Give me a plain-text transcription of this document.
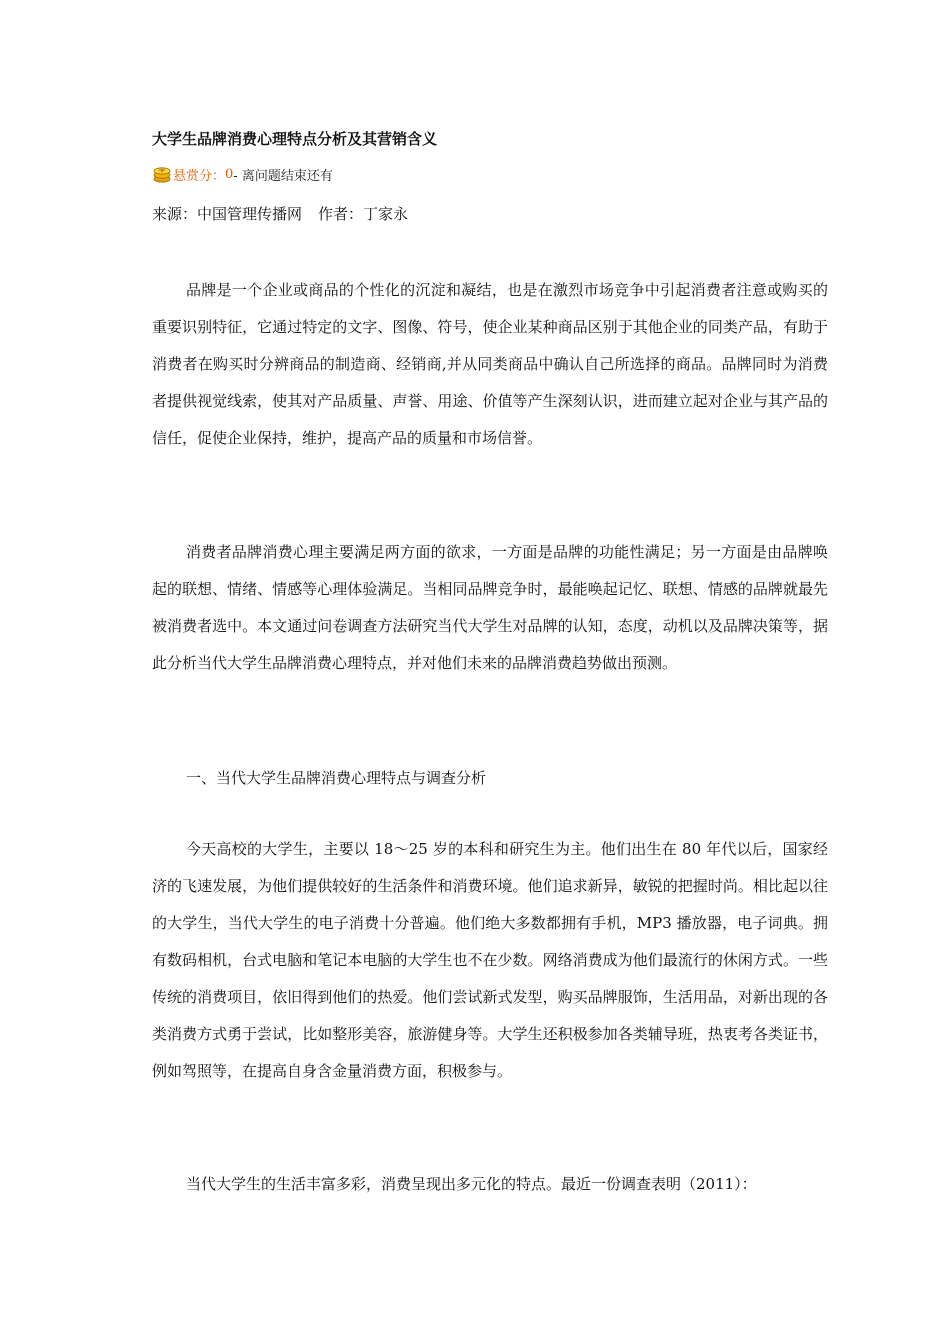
大学生品牌消费心理特点分析及其营销含义
悬赏分： 0 - 离问题结束还有
来源：中国管理传播网 作者：丁家永

品牌是一个企业或商品的个性化的沉淀和凝结，也是在激烈市场竞争中引起消费者注意或购买的重要识别特征，它通过特定的文字、图像、符号，使企业某种商品区别于其他企业的同类产品，有助于消费者在购买时分辨商品的制造商、经销商,并从同类商品中确认自己所选择的商品。品牌同时为消费者提供视觉线索，使其对产品质量、声誉、用途、价值等产生深刻认识，进而建立起对企业与其产品的信任，促使企业保持，维护，提高产品的质量和市场信誉。

消费者品牌消费心理主要满足两方面的欲求，一方面是品牌的功能性满足；另一方面是由品牌唤起的联想、情绪、情感等心理体验满足。当相同品牌竞争时，最能唤起记忆、联想、情感的品牌就最先被消费者选中。本文通过问卷调查方法研究当代大学生对品牌的认知，态度，动机以及品牌决策等，据此分析当代大学生品牌消费心理特点，并对他们未来的品牌消费趋势做出预测。

一、当代大学生品牌消费心理特点与调查分析

今天高校的大学生，主要以 18～25 岁的本科和研究生为主。他们出生在 80 年代以后，国家经济的飞速发展，为他们提供较好的生活条件和消费环境。他们追求新异，敏锐的把握时尚。相比起以往的大学生，当代大学生的电子消费十分普遍。他们绝大多数都拥有手机，MP3 播放器，电子词典。拥有数码相机，台式电脑和笔记本电脑的大学生也不在少数。网络消费成为他们最流行的休闲方式。一些传统的消费项目，依旧得到他们的热爱。他们尝试新式发型，购买品牌服饰，生活用品，对新出现的各类消费方式勇于尝试，比如整形美容，旅游健身等。大学生还积极参加各类辅导班，热衷考各类证书，例如驾照等，在提高自身含金量消费方面，积极参与。

当代大学生的生活丰富多彩，消费呈现出多元化的特点。最近一份调查表明（2011）：
